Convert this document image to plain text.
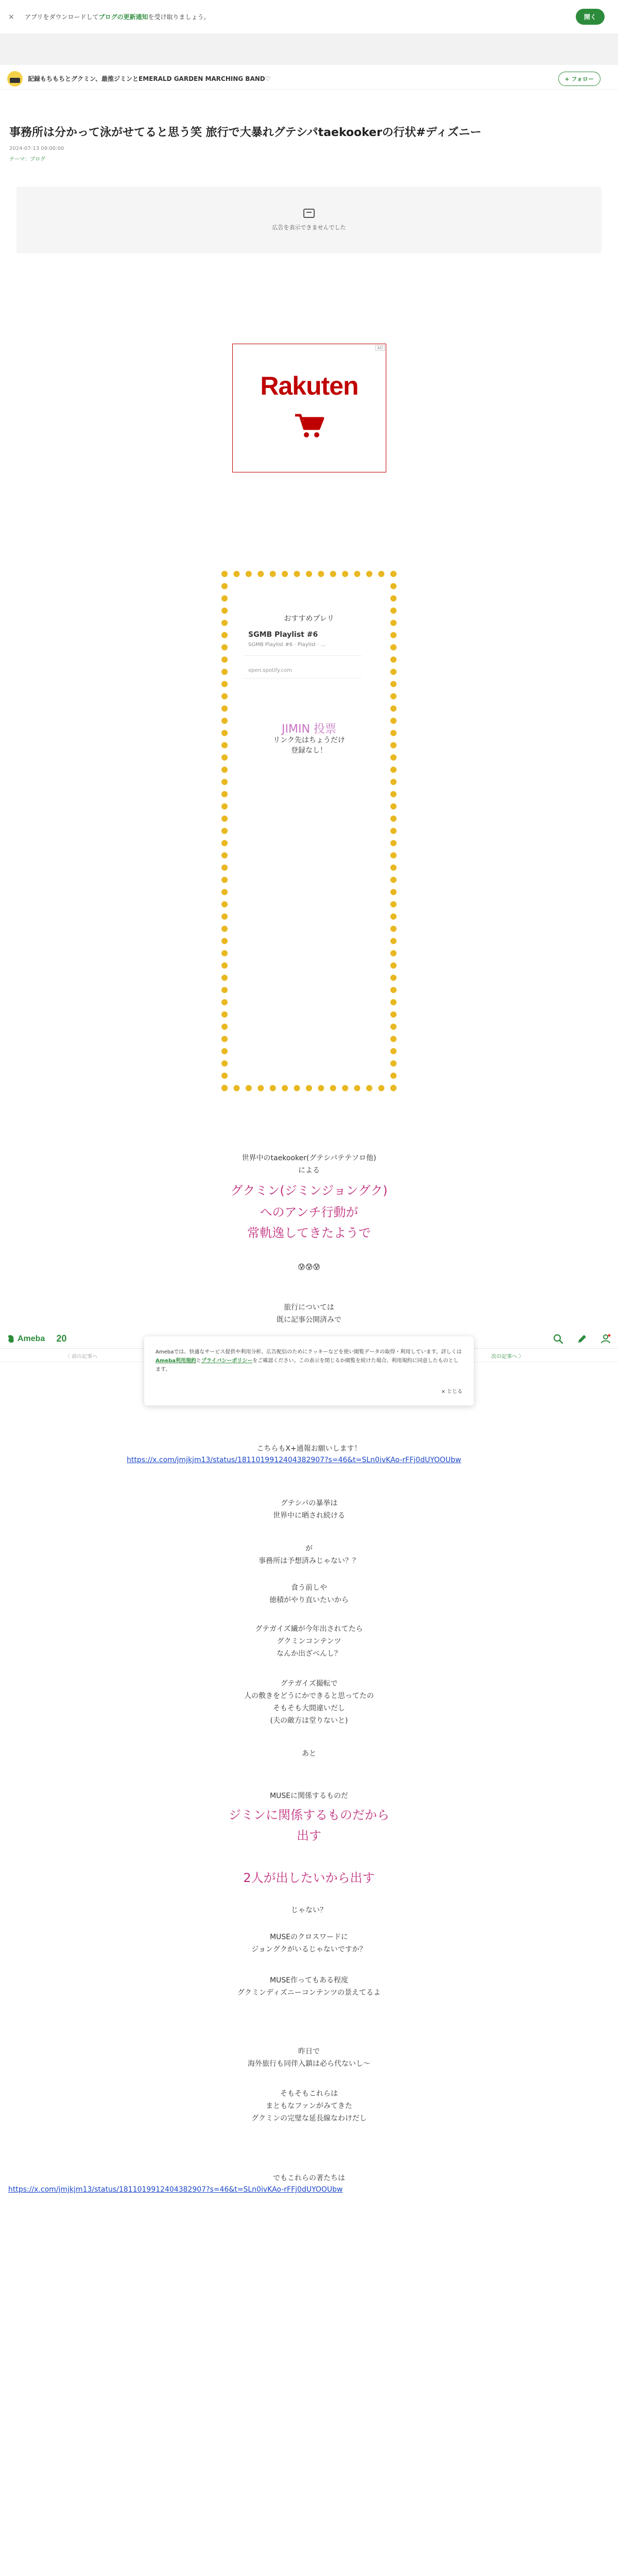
×	アプリをダウンロードしてブログの更新通知を受け取りましょう。	開く
記録もちもちとグクミン、最推ジミンとEMERALD GARDEN MARCHING BAND♡	+ フォロー
事務所は分かって泳がせてると思う笑 旅行で大暴れグテシパtaekookerの行状#ディズニー
2024-07-13 09:00:00
テーマ：ブログ
広告を表示できませんでした
AD
Rakuten
おすすめプレリ
SGMB Playlist #6
SGMB Playlist #6 · Playlist · ...
open.spotify.com
JIMIN 投票
リンク先はちょうだけ
登録なし！
世界中のtaekooker(グテシパテテソロ他)
による
グクミン(ジミンジョングク)
へのアンチ行動が
常軌逸してきたようで
😰😰😰
旅行については
既に記事公開済みで
こちらもX+通報お願いします！
https://x.com/jmjkjm13/status/1811019912404382907?s=46&t=SLn0ivKAo-rFFj0dUYOOUbw
グテシパの暴挙は
世界中に晒され続ける
が
事務所は予想済みじゃない？？
食う前しや
徳積がやり直いたいから
グテガイズ繊が今年出されてたら
グクミンコンテンツ
なんか出ざべんし？
グテガイズ撮転で
人の敷きをどうにかできると思ってたの
そもそも大間違いだし
(夫の敵方は堂りないと)
あと
MUSEに関係するものだ
ジミンに関係するものだから
出す
2人が出したいから出す
じゃない？
MUSEのクロスワードに
ジョングクがいるじゃないですか？
MUSE作ってもある程度
グクミンディズニーコンテンツの景えてるよ
昨日で
海外旅行も同伴入鎮は必ら代ないし〜
そもそもこれらは
まともなファンがみてきた
グクミンの完璧な延長線なわけだし
でもこれらの著たちは
https://x.com/jmjkjm13/status/1811019912404382907?s=46&t=SLn0ivKAo-rFFj0dUYOOUbw
Ameba 20
〈 前の記事へ	次の記事へ 〉
Amebaでは、快適なサービス提供や利用分析、広告配信のためにクッキーなどを使い閲覧データの取得・利用しています。詳しくはAmeba利用規約とプライバシーポリシーをご確認ください。この表示を閉じるか閲覧を続けた場合、利用規約に同意したものとします。
× とじる
